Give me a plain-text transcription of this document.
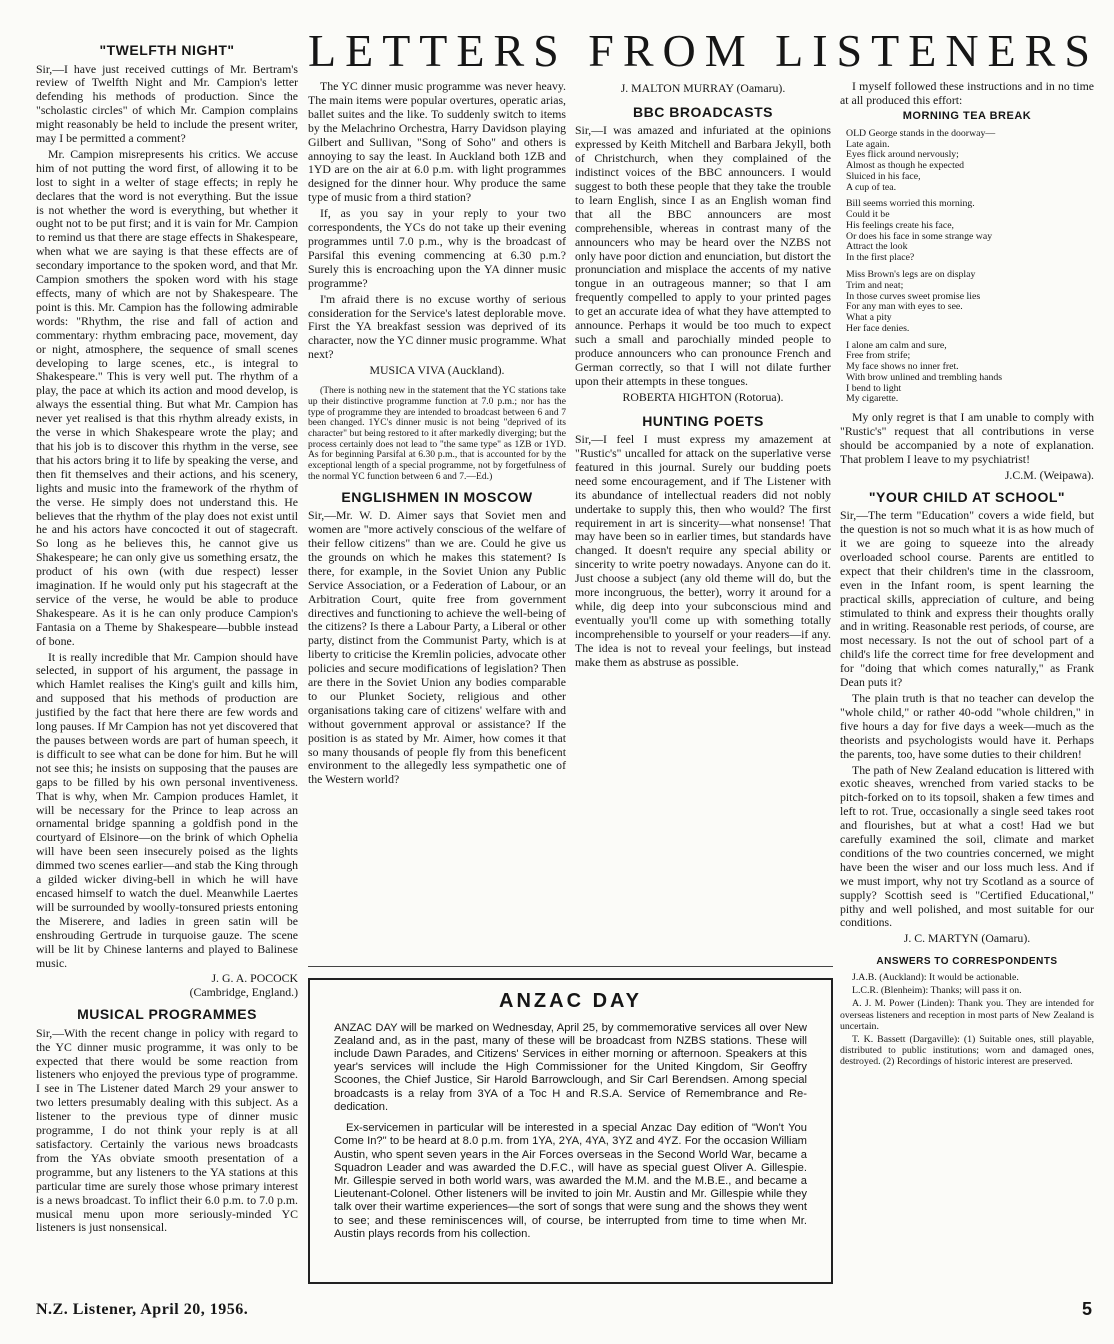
LETTERS FROM LISTENERS
"TWELFTH NIGHT"

Sir,—I have just received cuttings of Mr. Bertram's review of Twelfth Night and Mr. Campion's letter defending his methods of production. Since the "scholastic circles" of which Mr. Campion complains might reasonably be held to include the present writer, may I be permitted a comment?

Mr. Campion misrepresents his critics. We accuse him of not putting the word first, of allowing it to be lost to sight in a welter of stage effects; in reply he declares that the word is not everything. But the issue is not whether the word is everything, but whether it ought not to be put first; and it is vain for Mr. Campion to remind us that there are stage effects in Shakespeare, when what we are saying is that these effects are of secondary importance to the spoken word, and that Mr. Campion smothers the spoken word with his stage effects, many of which are not by Shakespeare. The point is this. Mr. Campion has the following admirable words: "Rhythm, the rise and fall of action and commentary: rhythm embracing pace, movement, day or night, atmosphere, the sequence of small scenes developing to large scenes, etc., is integral to Shakespeare." This is very well put. The rhythm of a play, the pace at which its action and mood develop, is always the essential thing. But what Mr. Campion has never yet realised is that this rhythm already exists, in the verse in which Shakespeare wrote the play; and that his job is to discover this rhythm in the verse, see that his actors bring it to life by speaking the verse, and then fit themselves and their actions, and his scenery, lights and music into the framework of the rhythm of the verse. He simply does not understand this. He believes that the rhythm of the play does not exist until he and his actors have concocted it out of stagecraft. So long as he believes this, he cannot give us Shakespeare; he can only give us something ersatz, the product of his own (with due respect) lesser imagination. If he would only put his stagecraft at the service of the verse, he would be able to produce Shakespeare. As it is he can only produce Campion's Fantasia on a Theme by Shakespeare—bubble instead of bone.

It is really incredible that Mr. Campion should have selected, in support of his argument, the passage in which Hamlet realises the King's guilt and kills him, and supposed that his methods of production are justified by the fact that here there are few words and long pauses. If Mr Campion has not yet discovered that the pauses between words are part of human speech, it is difficult to see what can be done for him. But he will not see this; he insists on supposing that the pauses are gaps to be filled by his own personal inventiveness. That is why, when Mr. Campion produces Hamlet, it will be necessary for the Prince to leap across an ornamental bridge spanning a goldfish pond in the courtyard of Elsinore—on the brink of which Ophelia will have been seen insecurely poised as the lights dimmed two scenes earlier—and stab the King through a gilded wicker diving-bell in which he will have encased himself to watch the duel. Meanwhile Laertes will be surrounded by woolly-tonsured priests entoning the Miserere, and ladies in green satin will be enshrouding Gertrude in turquoise gauze. The scene will be lit by Chinese lanterns and played to Balinese music.

J. G. A. POCOCK

(Cambridge, England.)

MUSICAL PROGRAMMES

Sir,—With the recent change in policy with regard to the YC dinner music programme, it was only to be expected that there would be some reaction from listeners who enjoyed the previous type of programme. I see in The Listener dated March 29 your answer to two letters presumably dealing with this subject. As a listener to the previous type of dinner music programme, I do not think your reply is at all satisfactory. Certainly the various news broadcasts from the YAs obviate smooth presentation of a programme, but any listeners to the YA stations at this particular time are surely those whose primary interest is a news broadcast. To inflict their 6.0 p.m. to 7.0 p.m. musical menu upon more seriously-minded YC listeners is just nonsensical.

The YC dinner music programme was never heavy. The main items were popular overtures, operatic arias, ballet suites and the like. To suddenly switch to items by the Melachrino Orchestra, Harry Davidson playing Gilbert and Sullivan, "Song of Soho" and others is annoying to say the least. In Auckland both 1ZB and 1YD are on the air at 6.0 p.m. with light programmes designed for the dinner hour. Why produce the same type of music from a third station?

If, as you say in your reply to your two correspondents, the YCs do not take up their evening programmes until 7.0 p.m., why is the broadcast of Parsifal this evening commencing at 6.30 p.m.? Surely this is encroaching upon the YA dinner music programme?

I'm afraid there is no excuse worthy of serious consideration for the Service's latest deplorable move. First the YA breakfast session was deprived of its character, now the YC dinner music programme. What next?

MUSICA VIVA (Auckland).

(There is nothing new in the statement that the YC stations take up their distinctive programme function at 7.0 p.m.; nor has the type of programme they are intended to broadcast between 6 and 7 been changed. 1YC's dinner music is not being "deprived of its character" but being restored to it after markedly diverging; but the process certainly does not lead to "the same type" as 1ZB or 1YD. As for beginning Parsifal at 6.30 p.m., that is accounted for by the exceptional length of a special programme, not by forgetfulness of the normal YC function between 6 and 7.—Ed.)

ENGLISHMEN IN MOSCOW

Sir,—Mr. W. D. Aimer says that Soviet men and women are "more actively conscious of the welfare of their fellow citizens" than we are. Could he give us the grounds on which he makes this statement? Is there, for example, in the Soviet Union any Public Service Association, or a Federation of Labour, or an Arbitration Court, quite free from government directives and functioning to achieve the well-being of the citizens? Is there a Labour Party, a Liberal or other party, distinct from the Communist Party, which is at liberty to criticise the Kremlin policies, advocate other policies and secure modifications of legislation? Then are there in the Soviet Union any bodies comparable to our Plunket Society, religious and other organisations taking care of citizens' welfare with and without government approval or assistance? If the position is as stated by Mr. Aimer, how comes it that so many thousands of people fly from this beneficent environment to the allegedly less sympathetic one of the Western world?

J. MALTON MURRAY (Oamaru).

BBC BROADCASTS

Sir,—I was amazed and infuriated at the opinions expressed by Keith Mitchell and Barbara Jekyll, both of Christchurch, when they complained of the indistinct voices of the BBC announcers. I would suggest to both these people that they take the trouble to learn English, since I as an English woman find that all the BBC announcers are most comprehensible, whereas in contrast many of the announcers who may be heard over the NZBS not only have poor diction and enunciation, but distort the pronunciation and misplace the accents of my native tongue in an outrageous manner; so that I am frequently compelled to apply to your printed pages to get an accurate idea of what they have attempted to announce. Perhaps it would be too much to expect such a small and parochially minded people to produce announcers who can pronounce French and German correctly, so that I will not dilate further upon their attempts in these tongues.

ROBERTA HIGHTON (Rotorua).

HUNTING POETS

Sir,—I feel I must express my amazement at "Rustic's" uncalled for attack on the superlative verse featured in this journal. Surely our budding poets need some encouragement, and if The Listener with its abundance of intellectual readers did not nobly undertake to supply this, then who would? The first requirement in art is sincerity—what nonsense! That may have been so in earlier times, but standards have changed. It doesn't require any special ability or sincerity to write poetry nowadays. Anyone can do it. Just choose a subject (any old theme will do, but the more incongruous, the better), worry it around for a while, dig deep into your subconscious mind and eventually you'll come up with something totally incomprehensible to yourself or your readers—if any. The idea is not to reveal your feelings, but instead make them as abstruse as possible.

I myself followed these instructions and in no time at all produced this effort:

MORNING TEA BREAK
OLD George stands in the doorway—
Late again.
Eyes flick around nervously;
Almost as though he expected
Sluiced in his face,
A cup of tea.
Bill seems worried this morning.
Could it be
His feelings create his face,
Or does his face in some strange way
Attract the look
In the first place?
Miss Brown's legs are on display
Trim and neat;
In those curves sweet promise lies
For any man with eyes to see.
What a pity
Her face denies.
I alone am calm and sure,
Free from strife;
My face shows no inner fret.
With brow unlined and trembling hands
I bend to light
My cigarette.

My only regret is that I am unable to comply with "Rustic's" request that all contributions in verse should be accompanied by a note of explanation. That problem I leave to my psychiatrist!

J.C.M. (Weipawa).

"YOUR CHILD AT SCHOOL"

Sir,—The term "Education" covers a wide field, but the question is not so much what it is as how much of it we are going to squeeze into the already overloaded school course. Parents are entitled to expect that their children's time in the classroom, even in the Infant room, is spent learning the practical skills, appreciation of culture, and being stimulated to think and express their thoughts orally and in writing. Reasonable rest periods, of course, are most necessary. Is not the out of school part of a child's life the correct time for free development and for "doing that which comes naturally," as Frank Dean puts it?

The plain truth is that no teacher can develop the "whole child," or rather 40-odd "whole children," in five hours a day for five days a week—much as the theorists and psychologists would have it. Perhaps the parents, too, have some duties to their children!

The path of New Zealand education is littered with exotic sheaves, wrenched from varied stacks to be pitch-forked on to its topsoil, shaken a few times and left to rot. True, occasionally a single seed takes root and flourishes, but at what a cost! Had we but carefully examined the soil, climate and market conditions of the two countries concerned, we might have been the wiser and our loss much less. And if we must import, why not try Scotland as a source of supply? Scottish seed is "Certified Educational," pithy and well polished, and most suitable for our conditions.

J. C. MARTYN (Oamaru).

ANSWERS TO CORRESPONDENTS

J.A.B. (Auckland): It would be actionable.

L.C.R. (Blenheim): Thanks; will pass it on.

A. J. M. Power (Linden): Thank you. They are intended for overseas listeners and reception in most parts of New Zealand is uncertain.

T. K. Bassett (Dargaville): (1) Suitable ones, still playable, distributed to public institutions; worn and damaged ones, destroyed. (2) Recordings of historic interest are preserved.

ANZAC DAY

ANZAC DAY will be marked on Wednesday, April 25, by commemorative services all over New Zealand and, as in the past, many of these will be broadcast from NZBS stations. These will include Dawn Parades, and Citizens' Services in either morning or afternoon. Speakers at this year's services will include the High Commissioner for the United Kingdom, Sir Geoffry Scoones, the Chief Justice, Sir Harold Barrowclough, and Sir Carl Berendsen. Among special broadcasts is a relay from 3YA of a Toc H and R.S.A. Service of Remembrance and Re-dedication.

Ex-servicemen in particular will be interested in a special Anzac Day edition of "Won't You Come In?" to be heard at 8.0 p.m. from 1YA, 2YA, 4YA, 3YZ and 4YZ. For the occasion William Austin, who spent seven years in the Air Forces overseas in the Second World War, became a Squadron Leader and was awarded the D.F.C., will have as special guest Oliver A. Gillespie. Mr. Gillespie served in both world wars, was awarded the M.M. and the M.B.E., and became a Lieutenant-Colonel. Other listeners will be invited to join Mr. Austin and Mr. Gillespie while they talk over their wartime experiences—the sort of songs that were sung and the shows they went to see; and these reminiscences will, of course, be interrupted from time to time when Mr. Austin plays records from his collection.

N.Z. Listener, April 20, 1956.	5
